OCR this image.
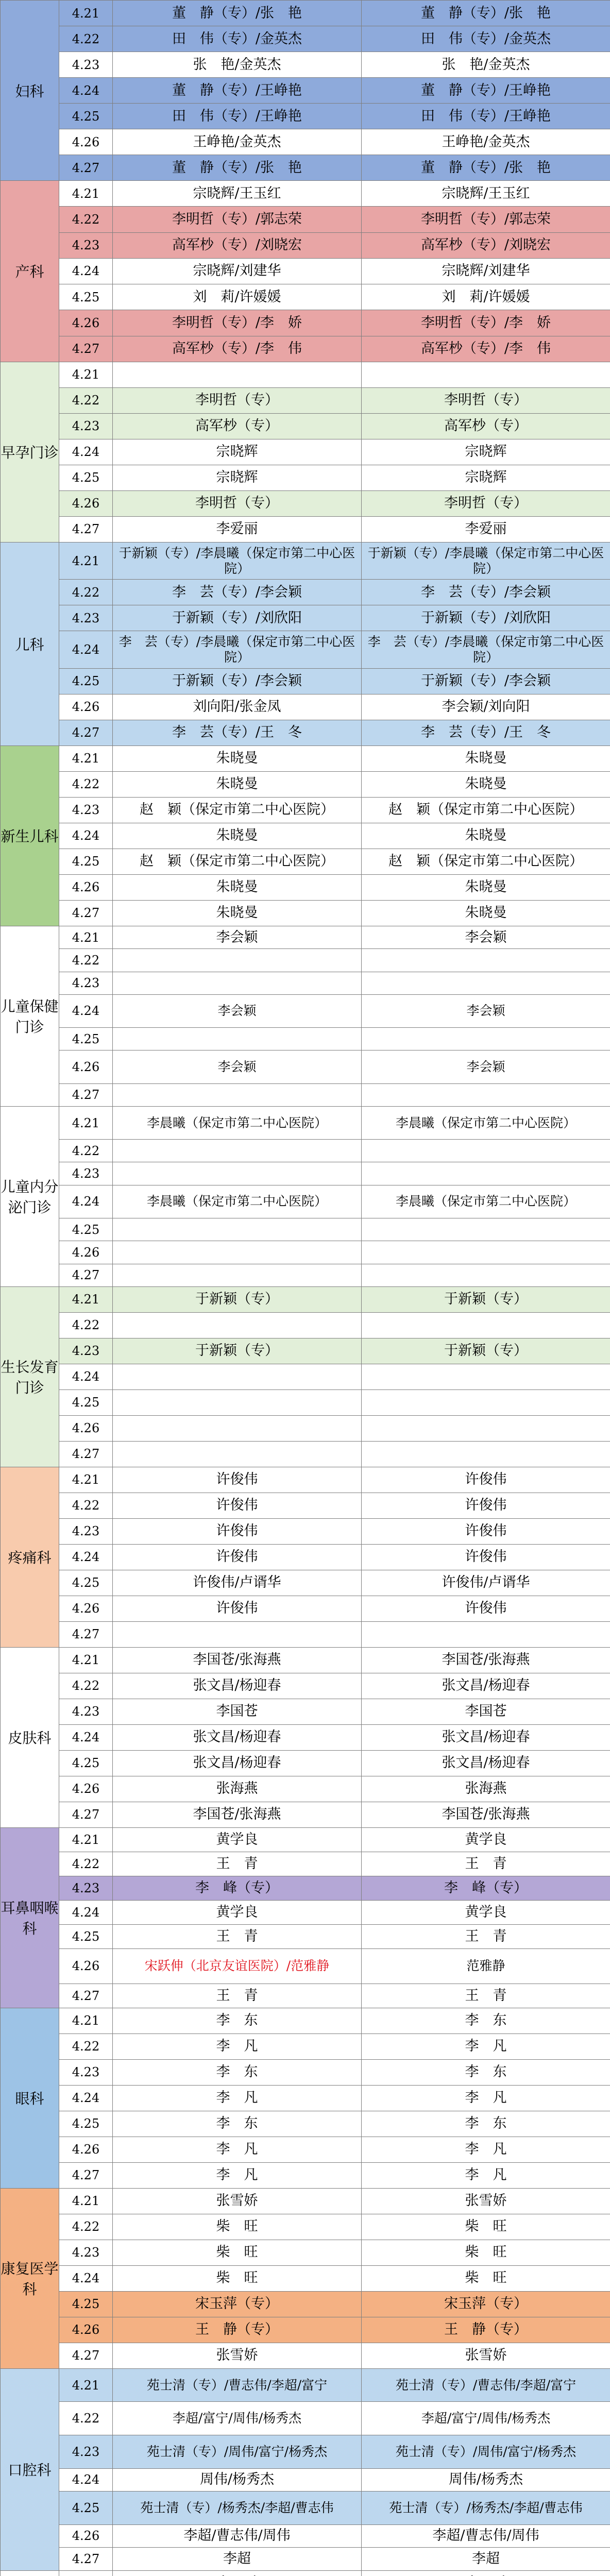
妇科	4.21	董　静（专）/张　艳	董　静（专）/张　艳
	4.22	田　伟（专）/金英杰	田　伟（专）/金英杰
	4.23	张　艳/金英杰	张　艳/金英杰
	4.24	董　静（专）/王峥艳	董　静（专）/王峥艳
	4.25	田　伟（专）/王峥艳	田　伟（专）/王峥艳
	4.26	王峥艳/金英杰	王峥艳/金英杰
	4.27	董　静（专）/张　艳	董　静（专）/张　艳
产科	4.21	宗晓辉/王玉红	宗晓辉/王玉红
	4.22	李明哲（专）/郭志荣	李明哲（专）/郭志荣
	4.23	高军杪（专）/刘晓宏	高军杪（专）/刘晓宏
	4.24	宗晓辉/刘建华	宗晓辉/刘建华
	4.25	刘　莉/许媛媛	刘　莉/许媛媛
	4.26	李明哲（专）/李　娇	李明哲（专）/李　娇
	4.27	高军杪（专）/李　伟	高军杪（专）/李　伟
早孕门诊	4.21		
	4.22	李明哲（专）	李明哲（专）
	4.23	高军杪（专）	高军杪（专）
	4.24	宗晓辉	宗晓辉
	4.25	宗晓辉	宗晓辉
	4.26	李明哲（专）	李明哲（专）
	4.27	李爱丽	李爱丽
儿科	4.21	于新颖（专）/李晨曦（保定市第二中心医院）	于新颖（专）/李晨曦（保定市第二中心医院）
	4.22	李　芸（专）/李会颖	李　芸（专）/李会颖
	4.23	于新颖（专）/刘欣阳	于新颖（专）/刘欣阳
	4.24	李　芸（专）/李晨曦（保定市第二中心医院）	李　芸（专）/李晨曦（保定市第二中心医院）
	4.25	于新颖（专）/李会颖	于新颖（专）/李会颖
	4.26	刘向阳/张金凤	李会颖/刘向阳
	4.27	李　芸（专）/王　冬	李　芸（专）/王　冬
新生儿科	4.21	朱晓曼	朱晓曼
	4.22	朱晓曼	朱晓曼
	4.23	赵　颖（保定市第二中心医院）	赵　颖（保定市第二中心医院）
	4.24	朱晓曼	朱晓曼
	4.25	赵　颖（保定市第二中心医院）	赵　颖（保定市第二中心医院）
	4.26	朱晓曼	朱晓曼
	4.27	朱晓曼	朱晓曼
儿童保健门诊	4.21	李会颖	李会颖
	4.22		
	4.23		
	4.24	李会颖	李会颖
	4.25		
	4.26	李会颖	李会颖
	4.27		
儿童内分泌门诊	4.21	李晨曦（保定市第二中心医院）	李晨曦（保定市第二中心医院）
	4.22		
	4.23		
	4.24	李晨曦（保定市第二中心医院）	李晨曦（保定市第二中心医院）
	4.25		
	4.26		
	4.27		
生长发育门诊	4.21	于新颖（专）	于新颖（专）
	4.22		
	4.23	于新颖（专）	于新颖（专）
	4.24		
	4.25		
	4.26		
	4.27		
疼痛科	4.21	许俊伟	许俊伟
	4.22	许俊伟	许俊伟
	4.23	许俊伟	许俊伟
	4.24	许俊伟	许俊伟
	4.25	许俊伟/卢谞华	许俊伟/卢谞华
	4.26	许俊伟	许俊伟
	4.27		
皮肤科	4.21	李国苍/张海燕	李国苍/张海燕
	4.22	张文昌/杨迎春	张文昌/杨迎春
	4.23	李国苍	李国苍
	4.24	张文昌/杨迎春	张文昌/杨迎春
	4.25	张文昌/杨迎春	张文昌/杨迎春
	4.26	张海燕	张海燕
	4.27	李国苍/张海燕	李国苍/张海燕
耳鼻咽喉科	4.21	黄学良	黄学良
	4.22	王　青	王　青
	4.23	李　峰（专）	李　峰（专）
	4.24	黄学良	黄学良
	4.25	王　青	王　青
	4.26	宋跃伸（北京友谊医院）/范雅静	范雅静
	4.27	王　青	王　青
眼科	4.21	李　东	李　东
	4.22	李　凡	李　凡
	4.23	李　东	李　东
	4.24	李　凡	李　凡
	4.25	李　东	李　东
	4.26	李　凡	李　凡
	4.27	李　凡	李　凡
康复医学科	4.21	张雪娇	张雪娇
	4.22	柴　旺	柴　旺
	4.23	柴　旺	柴　旺
	4.24	柴　旺	柴　旺
	4.25	宋玉萍（专）	宋玉萍（专）
	4.26	王　静（专）	王　静（专）
	4.27	张雪娇	张雪娇
口腔科	4.21	苑士清（专）/曹志伟/李超/富宁	苑士清（专）/曹志伟/李超/富宁
	4.22	李超/富宁/周伟/杨秀杰	李超/富宁/周伟/杨秀杰
	4.23	苑士清（专）/周伟/富宁/杨秀杰	苑士清（专）/周伟/富宁/杨秀杰
	4.24	周伟/杨秀杰	周伟/杨秀杰
	4.25	苑士清（专）/杨秀杰/李超/曹志伟	苑士清（专）/杨秀杰/李超/曹志伟
	4.26	李超/曹志伟/周伟	李超/曹志伟/周伟
	4.27	李超	李超
